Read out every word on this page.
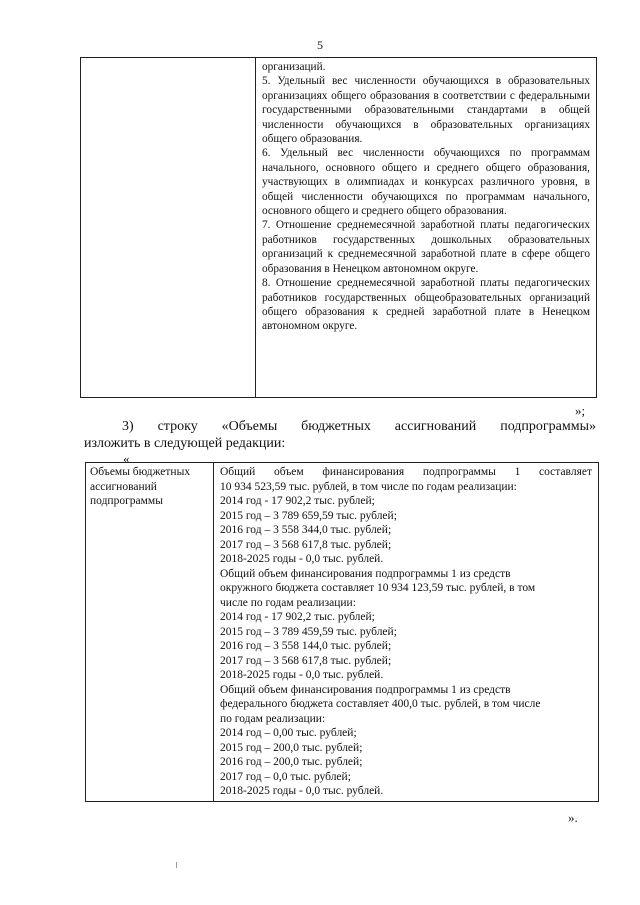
5

организаций.

5. Удельный вес численности обучающихся в образовательных организациях общего образования в соответствии с федеральными государственными образовательными стандартами в общей численности обучающихся в образовательных организациях общего образования.

6. Удельный вес численности обучающихся по программам начального, основного общего и среднего общего образования, участвующих в олимпиадах и конкурсах различного уровня, в общей численности обучающихся по программам начального, основного общего и среднего общего образования.

7. Отношение среднемесячной заработной платы педагогических работников государственных дошкольных образовательных организаций к среднемесячной заработной плате в сфере общего образования в Ненецком автономном округе.

8. Отношение среднемесячной заработной платы педагогических работников государственных общеобразовательных организаций общего образования к средней заработной плате в Ненецком автономном округе.

»;
3) строку «Объемы бюджетных ассигнований подпрограммы»
изложить в следующей редакции:
«
Объемы бюджетных ассигнований подпрограммы

Общий объем финансирования подпрограммы 1 составляет

10 934 523,59 тыс. рублей, в том числе по годам реализации:

2014 год - 17 902,2 тыс. рублей;

2015 год – 3 789 659,59 тыс. рублей;

2016 год – 3 558 344,0 тыс. рублей;

2017 год – 3 568 617,8 тыс. рублей;

2018-2025 годы - 0,0 тыс. рублей.

Общий объем финансирования подпрограммы 1 из средств

окружного бюджета составляет 10 934 123,59 тыс. рублей, в том

числе по годам реализации:

2014 год - 17 902,2 тыс. рублей;

2015 год – 3 789 459,59 тыс. рублей;

2016 год – 3 558 144,0 тыс. рублей;

2017 год – 3 568 617,8 тыс. рублей;

2018-2025 годы - 0,0 тыс. рублей.

Общий объем финансирования подпрограммы 1 из средств

федерального бюджета составляет 400,0 тыс. рублей, в том числе

по годам реализации:

2014 год – 0,00 тыс. рублей;

2015 год – 200,0 тыс. рублей;

2016 год – 200,0 тыс. рублей;

2017 год – 0,0 тыс. рублей;

2018-2025 годы - 0,0 тыс. рублей.

».
